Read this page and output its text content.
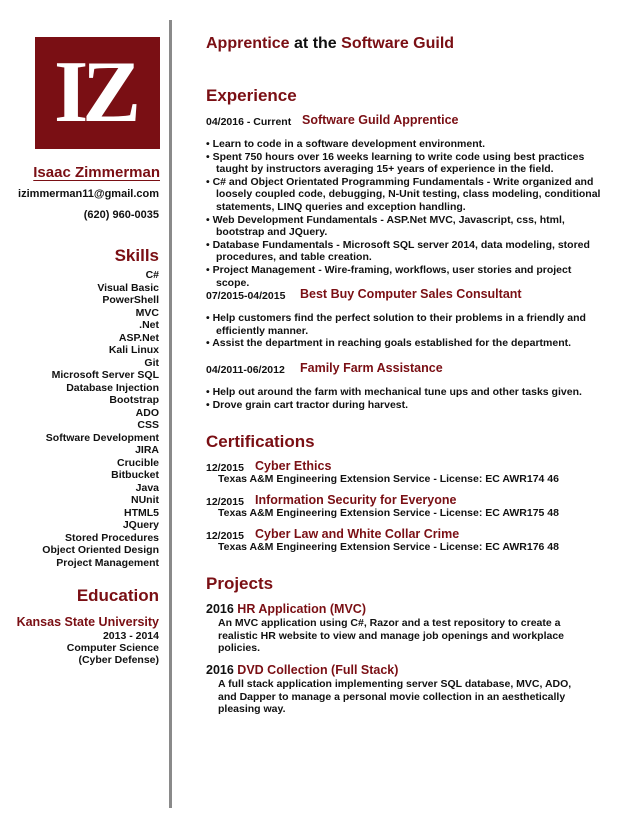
IZ
Isaac Zimmerman
izimmerman11@gmail.com
(620) 960-0035
Skills
C#
Visual Basic
PowerShell
MVC
.Net
ASP.Net
Kali Linux
Git
Microsoft Server SQL
Database Injection
Bootstrap
ADO
CSS
Software Development
JIRA
Crucible
Bitbucket
Java
NUnit
HTML5
JQuery
Stored Procedures
Object Oriented Design
Project Management
Education
Kansas State University
2013 - 2014
Computer Science
(Cyber Defense)
Apprentice at the Software Guild
Experience
04/2016 - Current Software Guild Apprentice
• Learn to code in a software development environment.
• Spent 750 hours over 16 weeks learning to write code using best practices taught by instructors averaging 15+ years of experience in the field.
• C# and Object Orientated Programming Fundamentals - Write organized and loosely coupled code, debugging, N-Unit testing, class modeling, conditional statements, LINQ queries and exception handling.
• Web Development Fundamentals - ASP.Net MVC, Javascript, css, html, bootstrap and JQuery.
• Database Fundamentals - Microsoft SQL server 2014, data modeling, stored procedures, and table creation.
• Project Management - Wire-framing, workflows, user stories and project scope.
07/2015-04/2015 Best Buy Computer Sales Consultant
• Help customers find the perfect solution to their problems in a friendly and efficiently manner.
• Assist the department in reaching goals established for the department.
04/2011-06/2012 Family Farm Assistance
• Help out around the farm with mechanical tune ups and other tasks given.
• Drove grain cart tractor during harvest.
Certifications
12/2015 Cyber Ethics
Texas A&M Engineering Extension Service - License: EC AWR174 46
12/2015 Information Security for Everyone
Texas A&M Engineering Extension Service - License: EC AWR175 48
12/2015 Cyber Law and White Collar Crime
Texas A&M Engineering Extension Service - License: EC AWR176 48
Projects
2016 HR Application (MVC)
An MVC application using C#, Razor and a test repository to create a realistic HR website to view and manage job openings and workplace policies.
2016 DVD Collection (Full Stack)
A full stack application implementing server SQL database, MVC, ADO, and Dapper to manage a personal movie collection in an aesthetically pleasing way.
